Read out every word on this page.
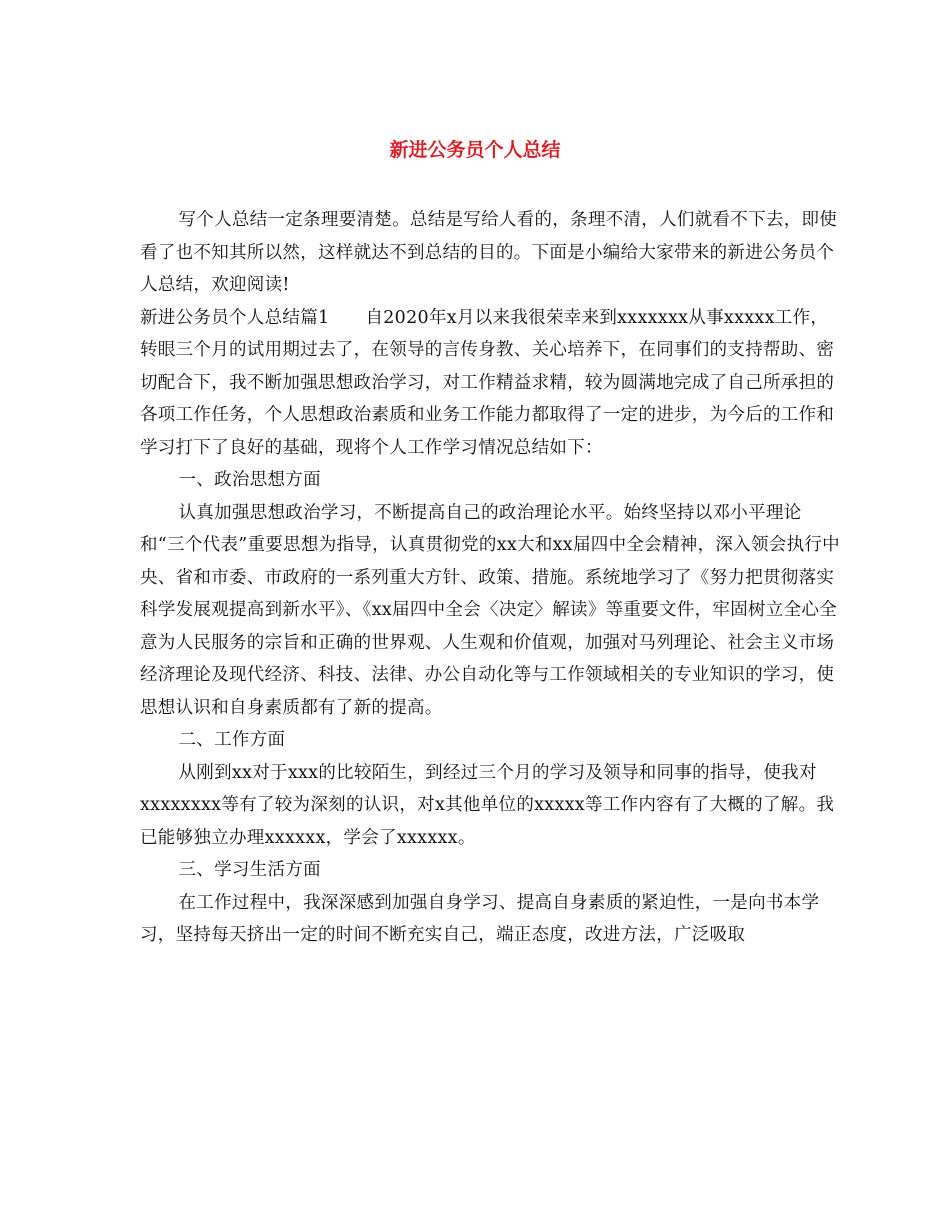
新进公务员个人总结

写个人总结一定条理要清楚。总结是写给人看的，条理不清，人们就看不下去，即使看了也不知其所以然，这样就达不到总结的目的。下面是小编给大家带来的新进公务员个人总结，欢迎阅读!

新进公务员个人总结篇1 自2020年x月以来我很荣幸来到xxxxxxx从事xxxxx工作，转眼三个月的试用期过去了，在领导的言传身教、关心培养下，在同事们的支持帮助、密切配合下，我不断加强思想政治学习，对工作精益求精，较为圆满地完成了自己所承担的各项工作任务，个人思想政治素质和业务工作能力都取得了一定的进步，为今后的工作和学习打下了良好的基础，现将个人工作学习情况总结如下：

一、政治思想方面

认真加强思想政治学习，不断提高自己的政治理论水平。始终坚持以邓小平理论和“三个代表”重要思想为指导，认真贯彻党的xx大和xx届四中全会精神，深入领会执行中央、省和市委、市政府的一系列重大方针、政策、措施。系统地学习了《努力把贯彻落实科学发展观提高到新水平》、《xx届四中全会〈决定〉解读》等重要文件，牢固树立全心全意为人民服务的宗旨和正确的世界观、人生观和价值观，加强对马列理论、社会主义市场经济理论及现代经济、科技、法律、办公自动化等与工作领域相关的专业知识的学习，使思想认识和自身素质都有了新的提高。

二、工作方面

从刚到xx对于xxx的比较陌生，到经过三个月的学习及领导和同事的指导，使我对xxxxxxxx等有了较为深刻的认识，对x其他单位的xxxxx等工作内容有了大概的了解。我已能够独立办理xxxxxx，学会了xxxxxx。

三、学习生活方面

在工作过程中，我深深感到加强自身学习、提高自身素质的紧迫性，一是向书本学习，坚持每天挤出一定的时间不断充实自己，端正态度，改进方法，广泛吸取
